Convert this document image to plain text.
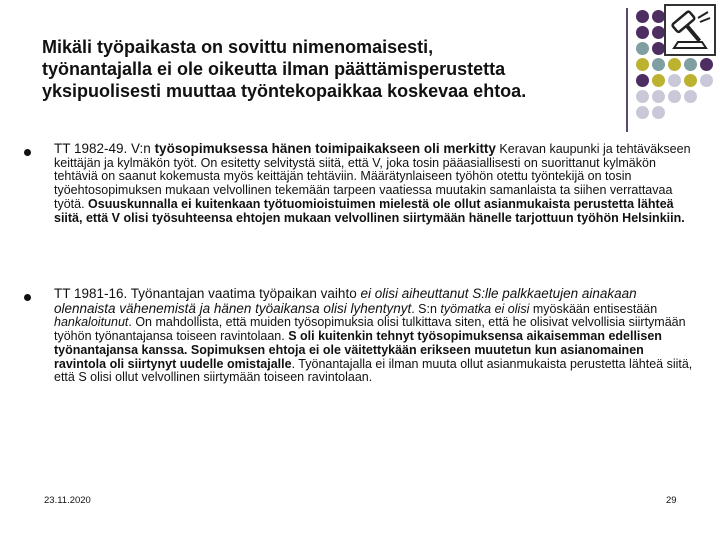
Mikäli työpaikasta on sovittu nimenomaisesti,
työnantajalla ei ole oikeutta ilman päättämisperustetta
yksipuolisesti muuttaa työntekopaikkaa koskevaa ehtoa.
TT 1982-49. V:n työsopimuksessa hänen toimipaikakseen oli merkitty Keravan kaupunki ja tehtäväkseen keittäjän ja kylmäkön työt. On esitetty selvitystä siitä, että V, joka tosin pääasiallisesti on suorittanut kylmäkön tehtäviä on saanut kokemusta myös keittäjän tehtäviin. Määrätynlaiseen työhön otettu työntekijä on tosin työehtosopimuksen mukaan velvollinen tekemään tarpeen vaatiessa muutakin samanlaista ta siihen verrattavaa työtä. Osuuskunnalla ei kuitenkaan työtuomioistuimen mielestä ole ollut asianmukaista perustetta lähteä siitä, että V olisi työsuhteensa ehtojen mukaan velvollinen siirtymään hänelle tarjottuun työhön Helsinkiin.
TT 1981-16. Työnantajan vaatima työpaikan vaihto ei olisi aiheuttanut S:lle palkkaetujen ainakaan olennaista vähenemistä ja hänen työaikansa olisi lyhentynyt. S:n työmatka ei olisi myöskään entisestään hankaloitunut. On mahdollista, että muiden työsopimuksia olisi tulkittava siten, että he olisivat velvollisia siirtymään työhön työnantajansa toiseen ravintolaan. S oli kuitenkin tehnyt työsopimuksensa aikaisemman edellisen työnantajansa kanssa. Sopimuksen ehtoja ei ole väitettykään erikseen muutetun kun asianomainen ravintola oli siirtynyt uudelle omistajalle. Työnantajalla ei ilman muuta ollut asianmukaista perustetta lähteä siitä, että S olisi ollut velvollinen siirtymään toiseen ravintolaan.
23.11.2020	29
